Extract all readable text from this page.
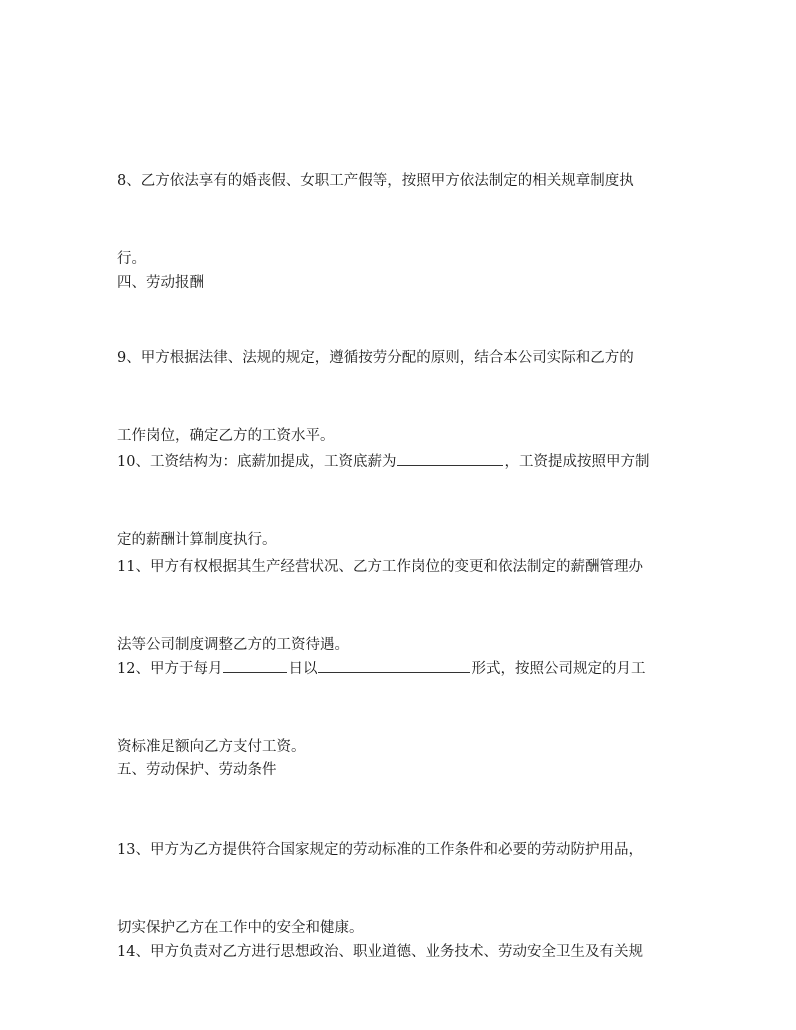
8、乙方依法享有的婚丧假、女职工产假等，按照甲方依法制定的相关规章制度执

行。

四、劳动报酬

9、甲方根据法律、法规的规定，遵循按劳分配的原则，结合本公司实际和乙方的

工作岗位，确定乙方的工资水平。

10、工资结构为：底薪加提成，工资底薪为	，工资提成按照甲方制

定的薪酬计算制度执行。

11、甲方有权根据其生产经营状况、乙方工作岗位的变更和依法制定的薪酬管理办

法等公司制度调整乙方的工资待遇。

12、甲方于每月	日以	形式，按照公司规定的月工

资标准足额向乙方支付工资。

五、劳动保护、劳动条件

13、甲方为乙方提供符合国家规定的劳动标准的工作条件和必要的劳动防护用品，

切实保护乙方在工作中的安全和健康。

14、甲方负责对乙方进行思想政治、职业道德、业务技术、劳动安全卫生及有关规
